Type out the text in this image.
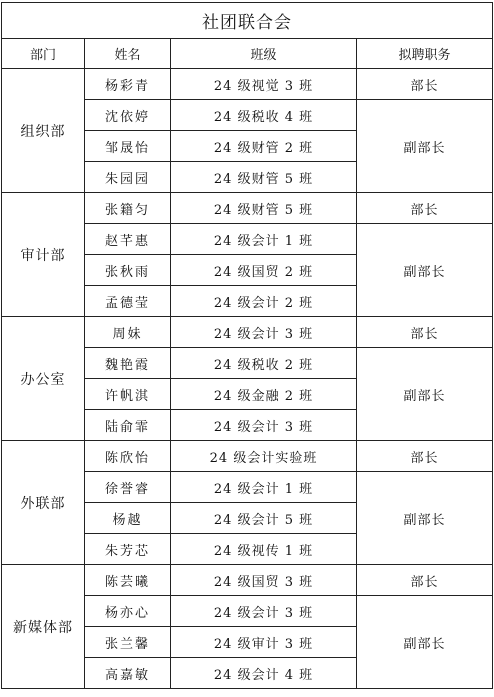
社团联合会			
部门	姓名	班级	拟聘职务
组织部	杨彩青	24 级视觉 3 班	部长
	沈依婷	24 级税收 4 班	副部长
	邹晟怡	24 级财管 2 班	
	朱园园	24 级财管 5 班	
审计部	张籍匀	24 级财管 5 班	部长
	赵芊惠	24 级会计 1 班	副部长
	张秋雨	24 级国贸 2 班	
	孟德莹	24 级会计 2 班	
办公室	周妹	24 级会计 3 班	部长
	魏艳霞	24 级税收 2 班	副部长
	许帆淇	24 级金融 2 班	
	陆俞霏	24 级会计 3 班	
外联部	陈欣怡	24 级会计实验班	部长
	徐誉睿	24 级会计 1 班	副部长
	杨越	24 级会计 5 班	
	朱芳芯	24 级视传 1 班	
新媒体部	陈芸曦	24 级国贸 3 班	部长
	杨亦心	24 级会计 3 班	副部长
	张兰馨	24 级审计 3 班	
	高嘉敏	24 级会计 4 班	
